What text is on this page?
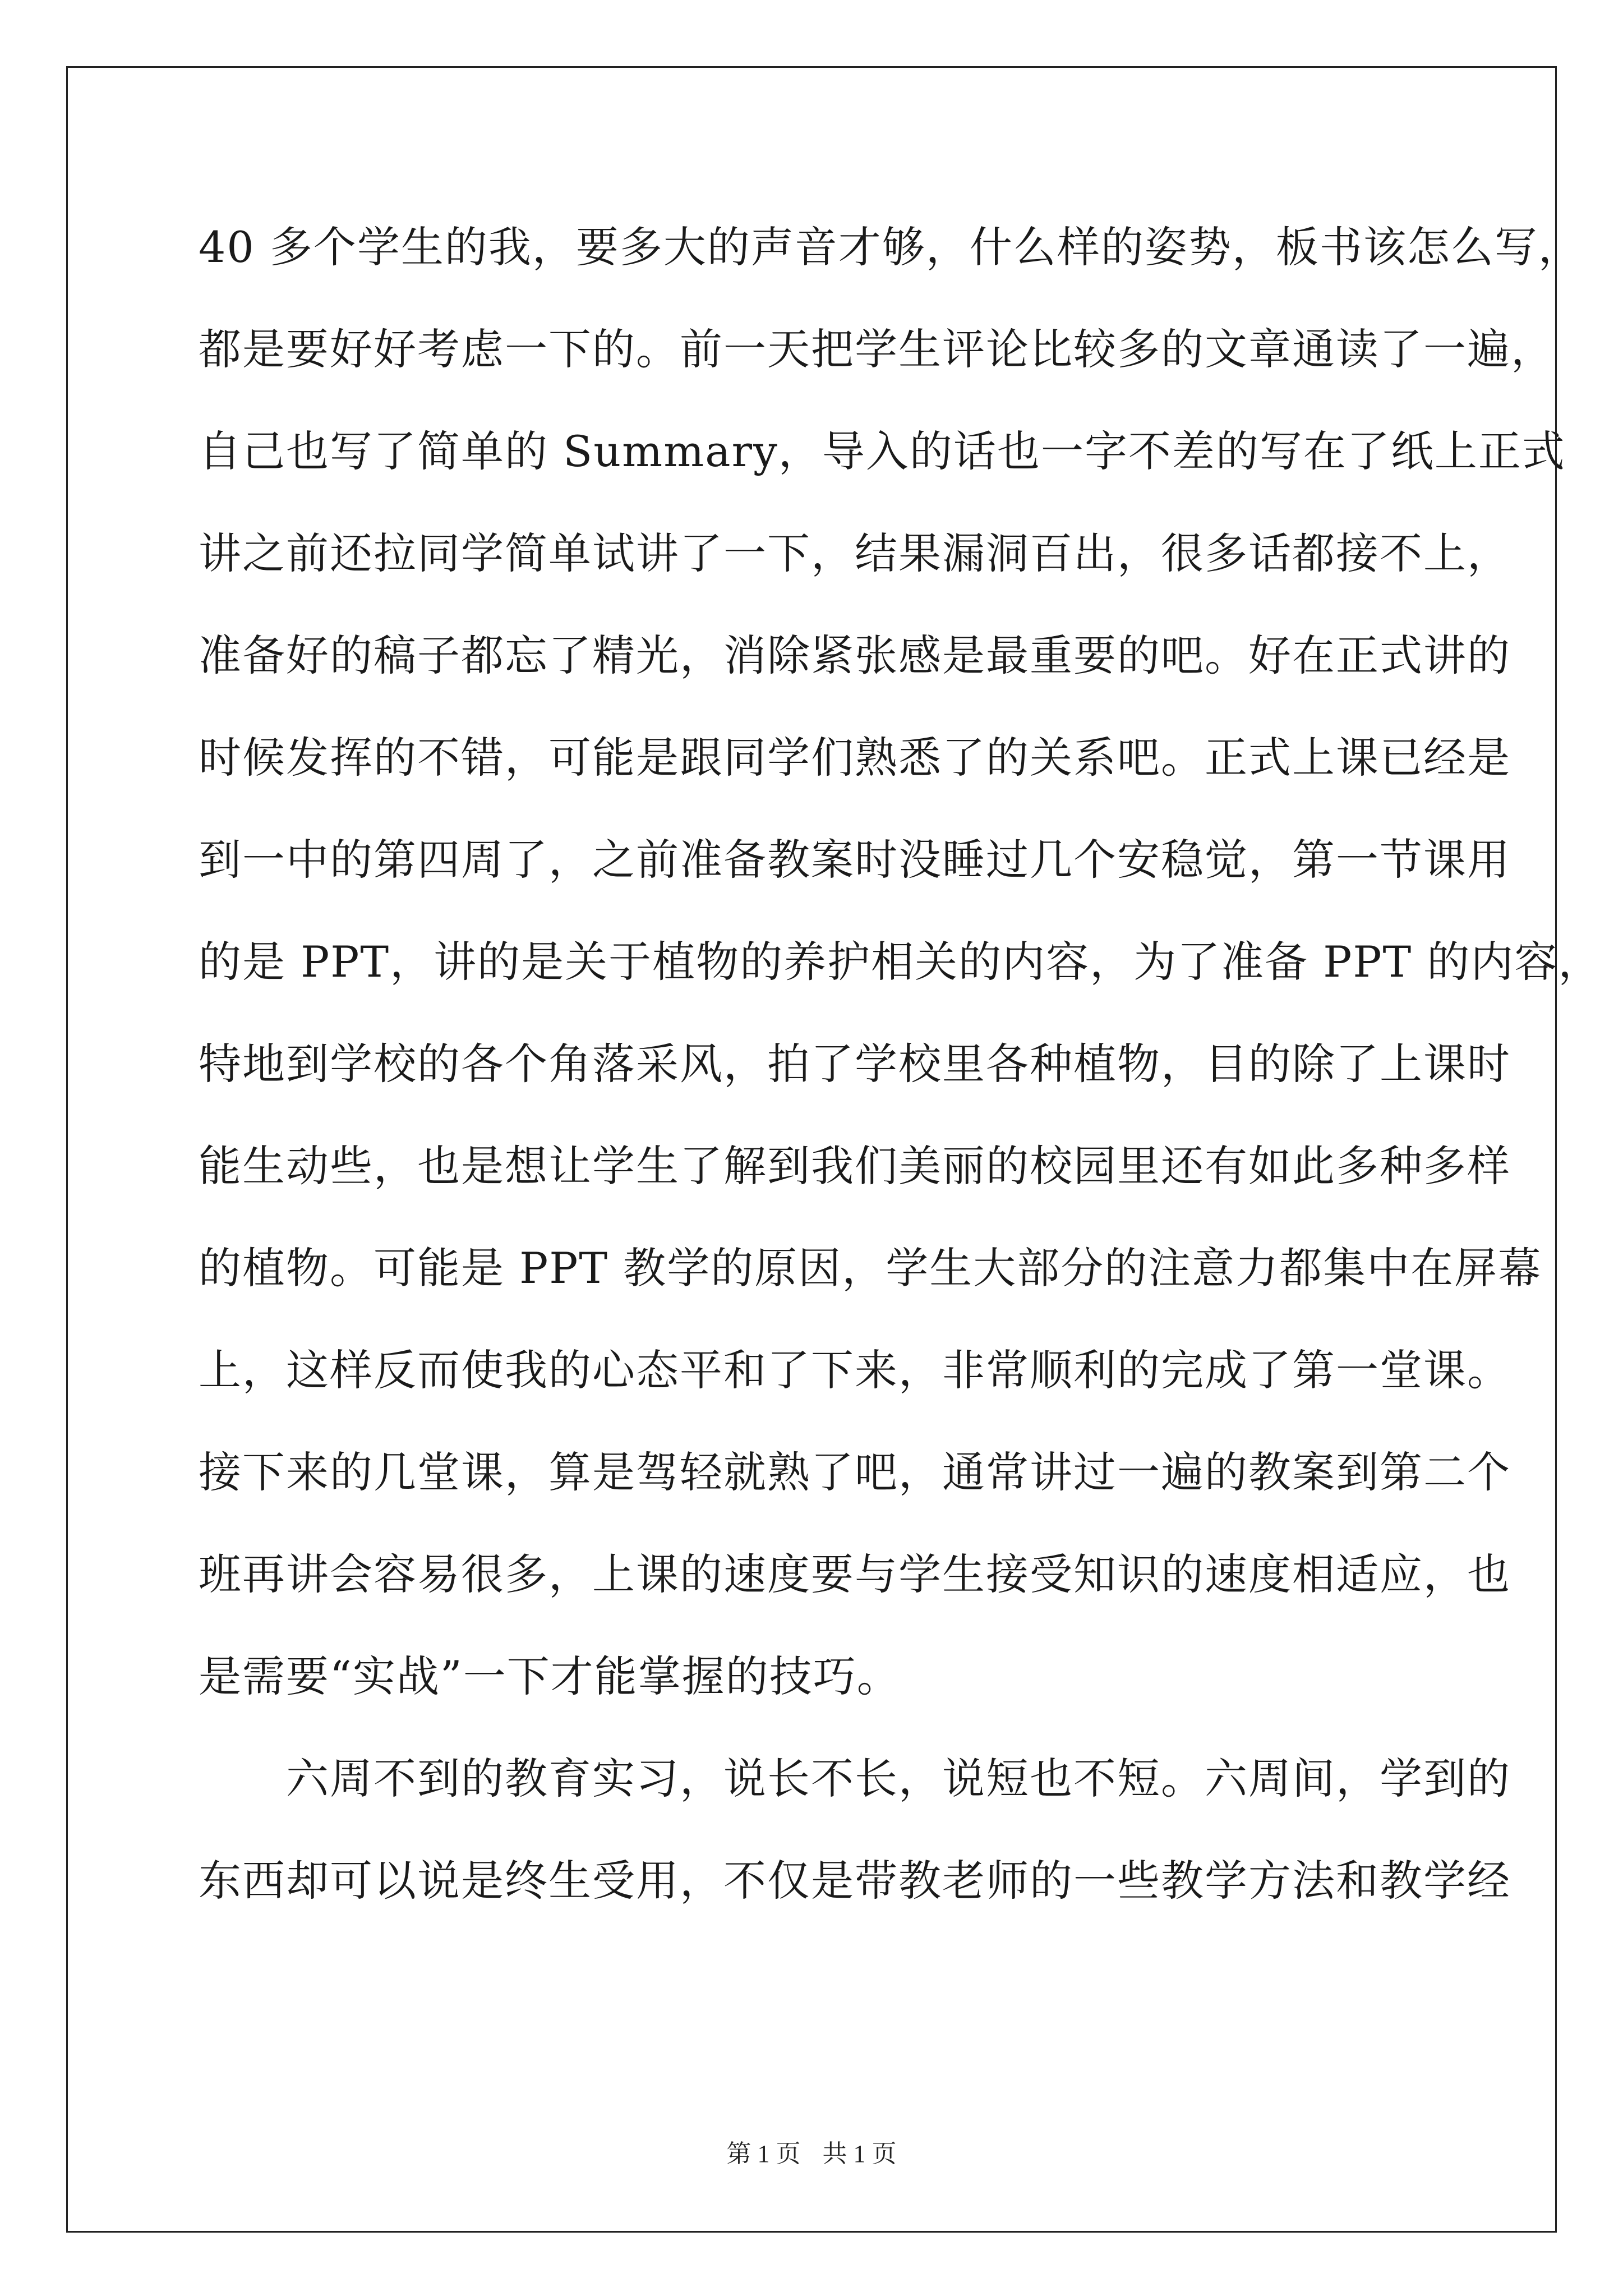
40 多个学生的我，要多大的声音才够，什么样的姿势，板书该怎么写，
都是要好好考虑一下的。前一天把学生评论比较多的文章通读了一遍，
自己也写了简单的 Summary，导入的话也一字不差的写在了纸上正式
讲之前还拉同学简单试讲了一下，结果漏洞百出，很多话都接不上，
准备好的稿子都忘了精光，消除紧张感是最重要的吧。好在正式讲的
时候发挥的不错，可能是跟同学们熟悉了的关系吧。正式上课已经是
到一中的第四周了，之前准备教案时没睡过几个安稳觉，第一节课用
的是 PPT，讲的是关于植物的养护相关的内容，为了准备 PPT 的内容，
特地到学校的各个角落采风，拍了学校里各种植物，目的除了上课时
能生动些，也是想让学生了解到我们美丽的校园里还有如此多种多样
的植物。可能是 PPT 教学的原因，学生大部分的注意力都集中在屏幕
上，这样反而使我的心态平和了下来，非常顺利的完成了第一堂课。
接下来的几堂课，算是驾轻就熟了吧，通常讲过一遍的教案到第二个
班再讲会容易很多，上课的速度要与学生接受知识的速度相适应，也
是需要“实战”一下才能掌握的技巧。
　　六周不到的教育实习，说长不长，说短也不短。六周间，学到的
东西却可以说是终生受用，不仅是带教老师的一些教学方法和教学经
第 1 页 共 1 页
